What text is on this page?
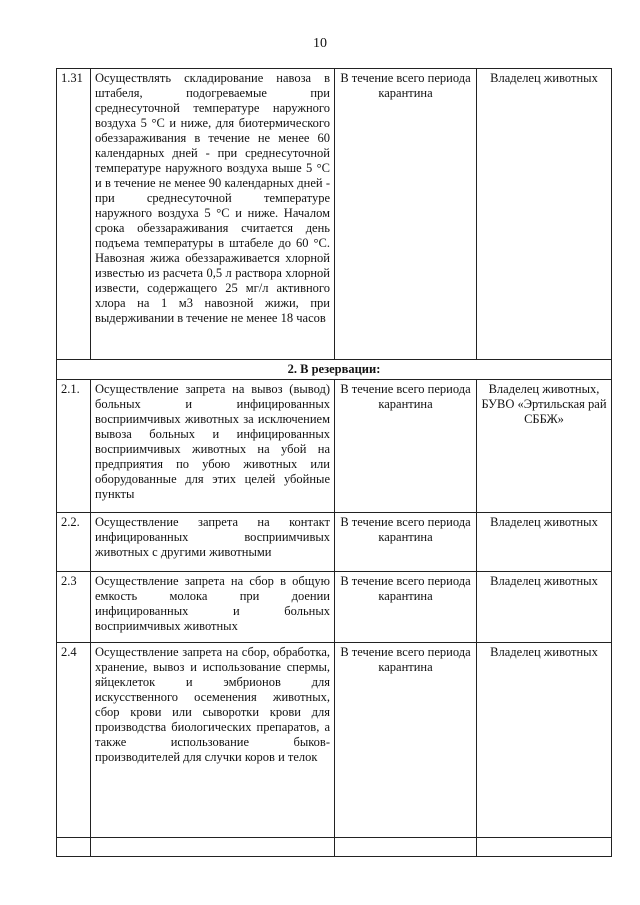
10
1.31	Осуществлять складирование навоза в штабеля, подогреваемые при среднесуточной температуре наружного воздуха 5 °С и ниже, для биотермического обеззараживания в течение не менее 60 календарных дней - при среднесуточной температуре наружного воздуха выше 5 °С и в течение не менее 90 календарных дней - при среднесуточной температуре наружного воздуха 5 °С и ниже. Началом срока обеззараживания считается день подъема температуры в штабеле до 60 °С. Навозная жижа обеззараживается хлорной известью из расчета 0,5 л раствора хлорной извести, содержащего 25 мг/л активного хлора на 1 м3 навозной жижи, при выдерживании в течение не менее 18 часов	В течение всего периода карантина	Владелец животных
2. В резервации:			
2.1.	Осуществление запрета на вывоз (вывод) больных и инфицированных восприимчивых животных за исключением вывоза больных и инфицированных восприимчивых животных на убой на предприятия по убою животных или оборудованные для этих целей убойные пункты	В течение всего периода карантина	Владелец животных, БУВО «Эртильская рай СББЖ»
2.2.	Осуществление запрета на контакт инфицированных восприимчивых животных с другими животными	В течение всего периода карантина	Владелец животных
2.3	Осуществление запрета на сбор в общую емкость молока при доении инфицированных и больных восприимчивых животных	В течение всего периода карантина	Владелец животных
2.4	Осуществление запрета на сбор, обработка, хранение, вывоз и использование спермы, яйцеклеток и эмбрионов для искусственного осеменения животных, сбор крови или сыворотки крови для производства биологических препаратов, а также использование быков-производителей для случки коров и телок	В течение всего периода карантина	Владелец животных
